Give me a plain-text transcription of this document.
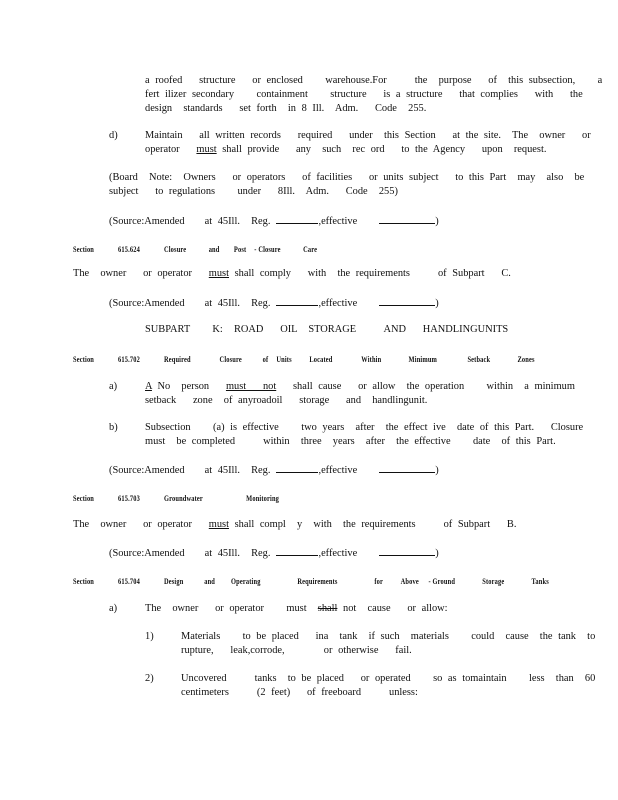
a roofed   structure   or enclosed    warehouse.For     the  purpose   of  this subsection,    a
fert ilizer secondary    containment    structure   is a structure   that complies   with   the
design  standards   set forth  in 8 Ill.  Adm.   Code  255.
d)	Maintain   all written records   required   under  this Section   at the site.  The  owner   or
operator   must shall provide   any  such  rec ord   to the Agency   upon  request.
(Board  Note:  Owners   or operators   of facilities   or units subject   to this Part  may  also  be
subject   to regulations    under   8Ill.  Adm.   Code  255)
(Source:Amended at 45Ill.  Reg.	,effective	)
Section	615.624	Closure	and Post - Closure	Care
The  owner   or operator   must shall comply   with  the requirements     of Subpart   C.
(Source:Amended at 45Ill.  Reg.	,effective	)
SUBPART    K:  ROAD   OIL  STORAGE     AND   HANDLINGUNITS
Section	615.702	Required	Closure	of Units Located	Within	Minimum	Setback	Zones
a)	A No  person   must   not   shall cause   or allow  the operation    within  a minimum
setback   zone  of anyroadoil   storage   and  handlingunit.
b)	Subsection    (a) is effective    two years  after  the effect ive  date of this Part.   Closure
must  be completed     within  three  years  after  the effective    date  of this Part.
(Source:Amended at 45Ill.  Reg.	,effective	)
Section	615.703	Groundwater	Monitoring
The  owner   or operator   must shall compl  y  with  the requirements     of Subpart   B.
(Source:Amended at 45Ill.  Reg.	,effective	)
Section	615.704	Design	and Operating	Requirements	for Above - Ground	Storage	Tanks
a)	The  owner   or operator    must  shall not  cause   or allow:
1)	Materials    to be placed   ina  tank  if such  materials    could  cause  the tank  to
rupture,   leak,corrode,       or otherwise   fail.
2)	Uncovered     tanks  to be placed   or operated    so as tomaintain    less  than  60
centimeters     (2 feet)   of freeboard     unless:
